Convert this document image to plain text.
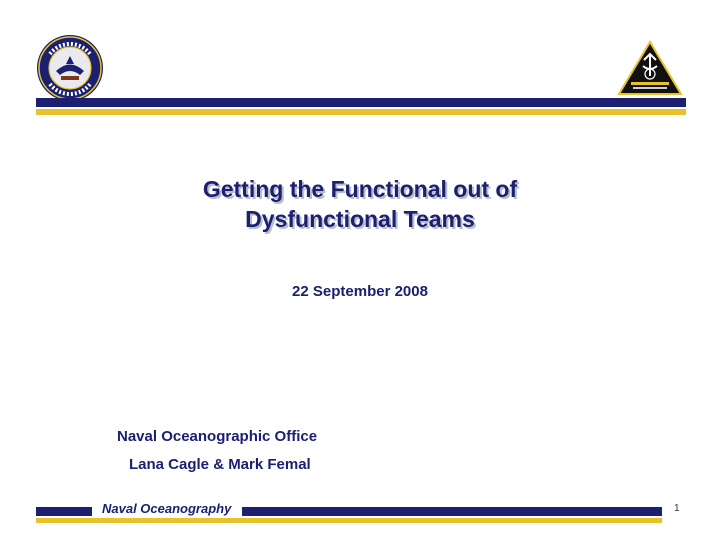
Getting the Functional out of
Dysfunctional Teams
22 September 2008
Naval Oceanographic Office
Lana Cagle & Mark Femal
Naval Oceanography	1
